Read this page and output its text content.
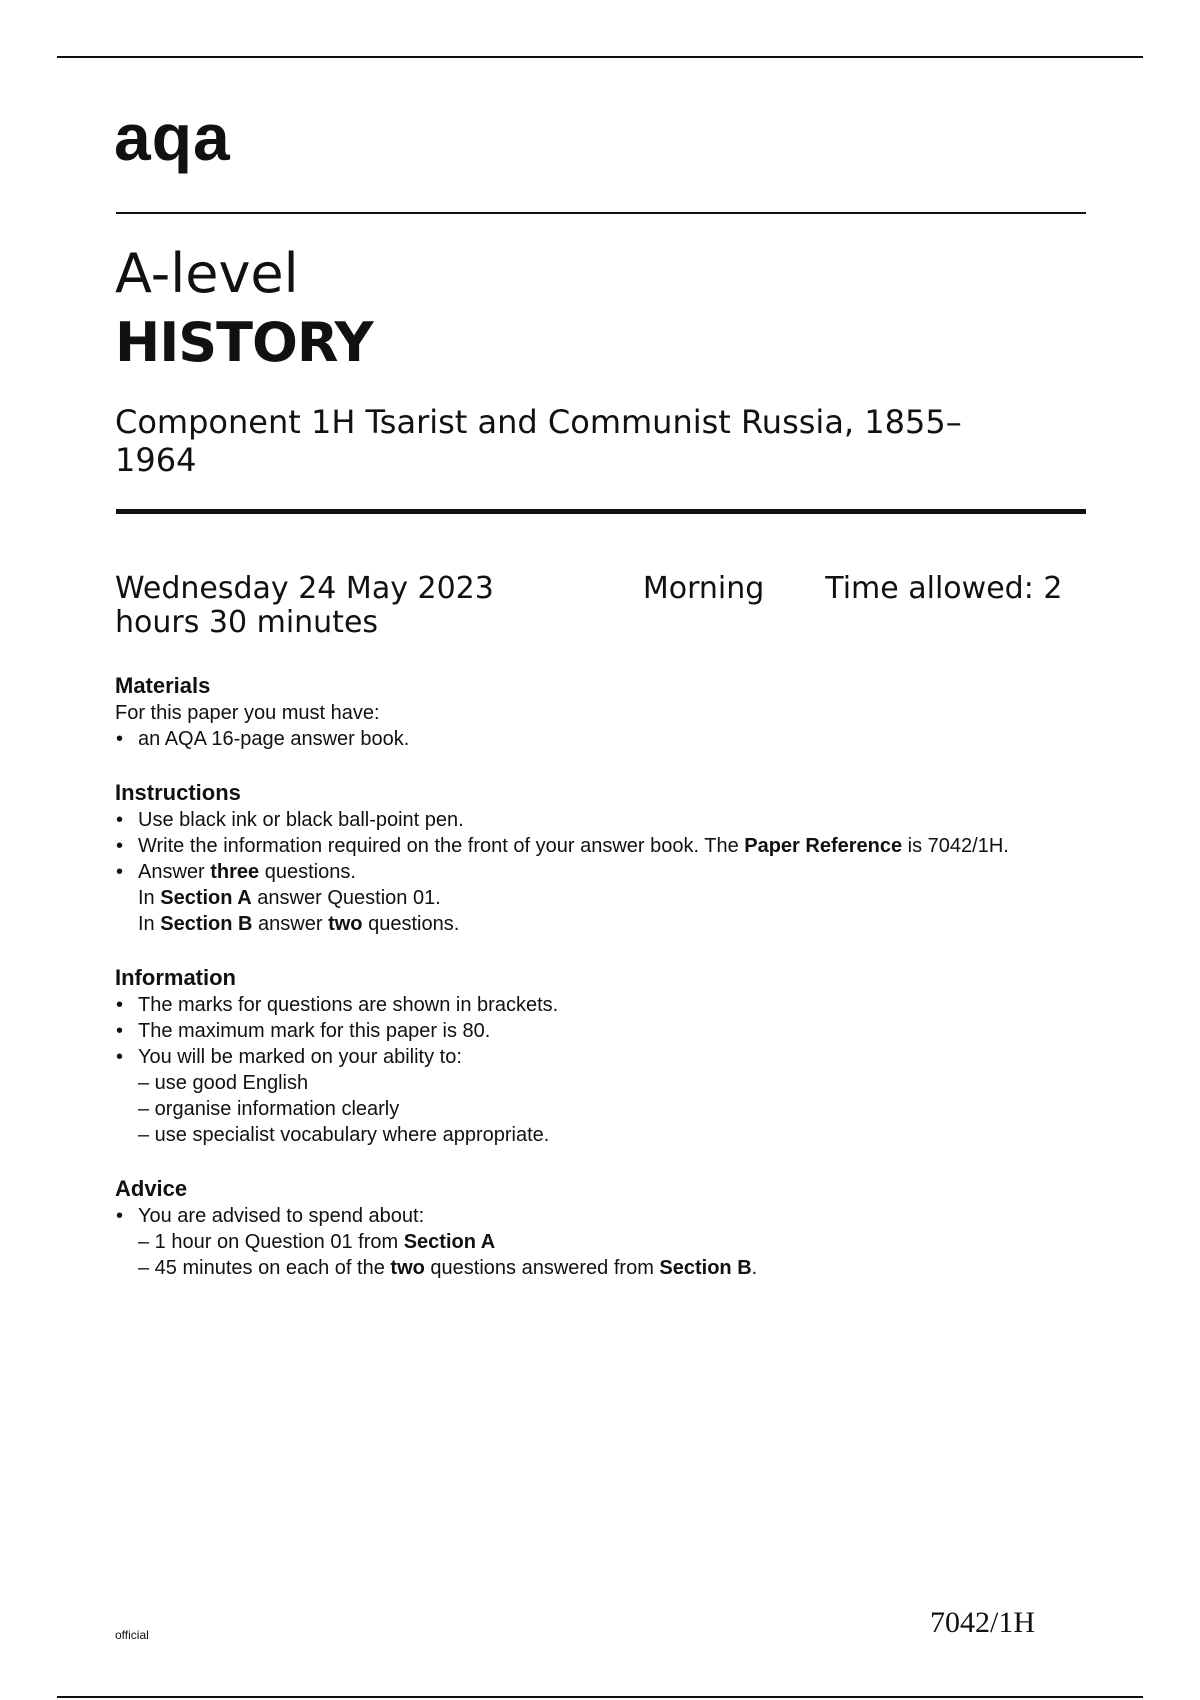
aqa

A-level

HISTORY

Component 1H Tsarist and Communist Russia, 1855–1964

Wednesday 24 May 2023	Morning Time allowed: 2 hours 30 minutes

Materials

For this paper you must have:

• an AQA 16-page answer book.
Instructions
• Use black ink or black ball-point pen.
• Write the information required on the front of your answer book. The Paper Reference is 7042/1H.
• Answer three questions.
In Section A answer Question 01.
In Section B answer two questions.
Information
• The marks for questions are shown in brackets.
• The maximum mark for this paper is 80.
• You will be marked on your ability to:
– use good English
– organise information clearly
– use specialist vocabulary where appropriate.
Advice
• You are advised to spend about:
– 1 hour on Question 01 from Section A
– 45 minutes on each of the two questions answered from Section B.

official	7042/1H
